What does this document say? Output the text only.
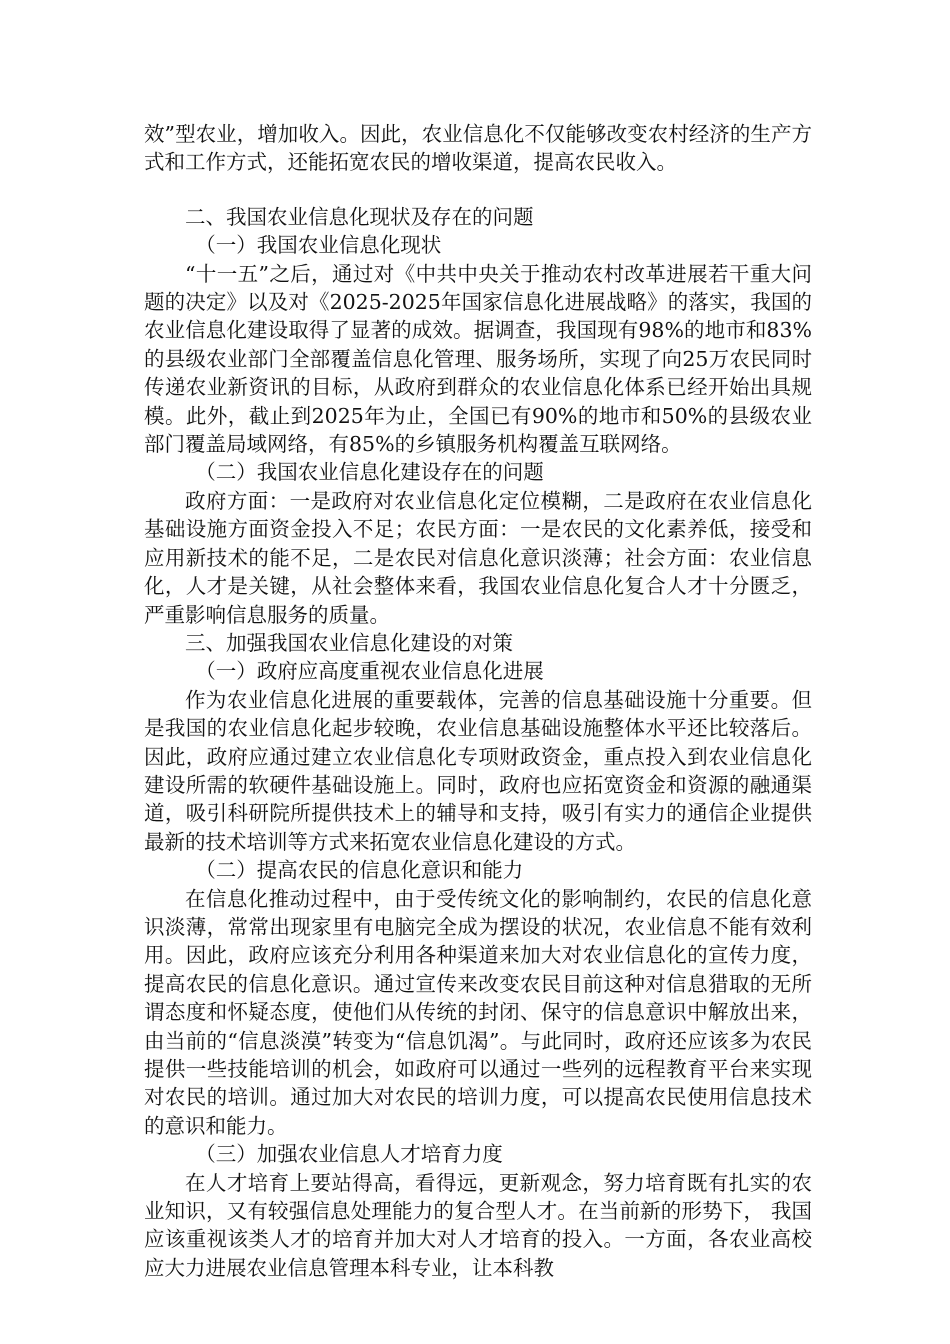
效”型农业，增加收入。因此，农业信息化不仅能够改变农村经济的生产方式和工作方式，还能拓宽农民的增收渠道，提高农民收入。

二、我国农业信息化现状及存在的问题

（一）我国农业信息化现状

“十一五”之后，通过对《中共中央关于推动农村改革进展若干重大问题的决定》以及对《2025-2025年国家信息化进展战略》的落实，我国的农业信息化建设取得了显著的成效。据调查，我国现有98%的地市和83%的县级农业部门全部覆盖信息化管理、服务场所，实现了向25万农民同时传递农业新资讯的目标，从政府到群众的农业信息化体系已经开始出具规模。此外，截止到2025年为止，全国已有90%的地市和50%的县级农业部门覆盖局域网络，有85%的乡镇服务机构覆盖互联网络。

（二）我国农业信息化建设存在的问题

政府方面：一是政府对农业信息化定位模糊，二是政府在农业信息化基础设施方面资金投入不足；农民方面：一是农民的文化素养低，接受和应用新技术的能不足，二是农民对信息化意识淡薄；社会方面：农业信息化，人才是关键，从社会整体来看，我国农业信息化复合人才十分匮乏，严重影响信息服务的质量。

三、加强我国农业信息化建设的对策

（一）政府应高度重视农业信息化进展

作为农业信息化进展的重要载体，完善的信息基础设施十分重要。但是我国的农业信息化起步较晚，农业信息基础设施整体水平还比较落后。因此，政府应通过建立农业信息化专项财政资金，重点投入到农业信息化建设所需的软硬件基础设施上。同时，政府也应拓宽资金和资源的融通渠道，吸引科研院所提供技术上的辅导和支持，吸引有实力的通信企业提供最新的技术培训等方式来拓宽农业信息化建设的方式。

（二）提高农民的信息化意识和能力

在信息化推动过程中，由于受传统文化的影响制约，农民的信息化意识淡薄，常常出现家里有电脑完全成为摆设的状况，农业信息不能有效利用。因此，政府应该充分利用各种渠道来加大对农业信息化的宣传力度，提高农民的信息化意识。通过宣传来改变农民目前这种对信息猎取的无所谓态度和怀疑态度，使他们从传统的封闭、保守的信息意识中解放出来，由当前的“信息淡漠”转变为“信息饥渴”。与此同时，政府还应该多为农民提供一些技能培训的机会，如政府可以通过一些列的远程教育平台来实现对农民的培训。通过加大对农民的培训力度，可以提高农民使用信息技术的意识和能力。

（三）加强农业信息人才培育力度

在人才培育上要站得高，看得远，更新观念，努力培育既有扎实的农业知识，又有较强信息处理能力的复合型人才。在当前新的形势下， 我国应该重视该类人才的培育并加大对人才培育的投入。一方面，各农业高校应大力进展农业信息管理本科专业，让本科教
